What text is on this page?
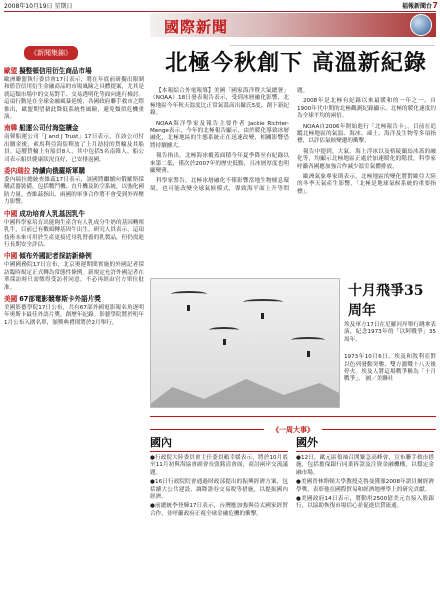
2008年10月19日 星期日	福報新聞台 7
國際新聞
《新聞集錦》
歐盟 擬整頓信用衍生商品市場

歐洲聯盟執行委員會17日表示，將在年底前研擬出限制和監管信用衍生金融商品的市場風險之具體提案，尤其是就這類市場中的交易對手、交易透明化等面向進行檢討。這項行動是在全球金融風暴延燒、各國政府聯手救市之際推出，歐盟期望藉此降低系統性風險，避免類似危機重演。

南韓 船運公司付海盜贖金

南韓船運公司「J and J Trust」17日表示，在該公司付出贖金後，索馬利亞海盜釋放了上月劫持的貨輪及其船員。這艘貨輪上有船員8人，其中包括5名南韓人。船公司表示船員健康狀況良好，已安排返國。

委內瑞拉 持續向俄羅斯軍購

委內瑞拉總統查維茲17日表示，該國將繼續向俄羅斯採購武器裝備，包括戰鬥機、直升機及防空系統，以強化國防力量。查維茲指出，兩國的軍事合作將不會受到外界壓力影響。

中國 成功培育人乳基因乳牛

中國科學家培育出能夠生產含有人乳成分牛奶的基因轉殖乳牛，目前已有數頭轉基因牛出生。研究人員表示，這項技術未來可用於生產更接近母乳營養的乳製品，但仍需進行長期安全評估。

中國 傾布外國記者採訪新條例

中國國務院17日宣布，北京奧運期間實施的外國記者採訪臨時規定正式轉為常態性條例。新規定允許外國記者在華採訪時只需徵得受訪者同意，不必再經由官方單位批准。

美國 67部電影競奪斯卡外語片獎

美國影藝學院17日公布，共有67部外國電影報名角逐明年奧斯卡最佳外語片獎，創歷年紀錄。影藝學院將於明年1月公布入圍名單，頒獎典禮則將於2月舉行。

北極今秋創下 高溫新紀錄

【本報綜合外電報導】美國「國家海洋暨大氣總署」（NOAA）18日發表報告表示，受到冰層融化影響，北極地區今年秋天溫度比正常氣溫高出攝氏5度，創下新紀錄。

NOAA海洋學家及報告主要作者 Jackie Richter-Menge表示，今年的北極報告顯示，由於暖化導致冰層融化，北極地區的生態系統正在迅速改變，相關影響恐將持續擴大。

報告指出，北極海冰覆蓋面積今年夏季降至有紀錄以來第二低，僅次於2007年的歷史低點，且冰層厚度也明顯變薄。

科學家警告，北極冰層融化不僅影響當地生物棲息環境，也可能改變全球氣候模式，導致海平面上升等問題。

2008年是北極有紀錄以來最暖和的一年之一。自1900年代中期的北極觀測紀錄顯示，北極的暖化速度約為全球平均的兩倍。

NOAA自2006年開始進行「北極報告卡」，目前在追蹤北極地區的氣溫、海冰、凍土、海洋及生物等多項指標，以評估氣候變遷的衝擊。

報告中提到，大氣、海上浮冰以及格陵蘭島冰蓋的融化等，均顯示北極地區正處於加速暖化的階段，科學家呼籲各國應加強合作減少溫室氣體排放。

歐洲氣象專家則表示，北極地區的變化將對歐亞大陸的冬季天氣產生影響，「北極是地球氣候系統的重要指標」。

十月飛爭35周年

埃及軍方17日在尼羅河岸舉行跳傘表演，紀念1973年的「以阿戰爭」35周年。

1973年10月6日，埃及和敘利亞對以色列發動突襲，雙方激戰十八天後停火。埃及人將這場戰爭稱為「十月戰爭」。 圖／美聯社

《一周大事》
國內

●行政院大陸委員會主任委員賴幸媛表示，將於10月底至11月初與海協會副會長張銘清會面，商討兩岸交流議題。

●16日行政院院會通過財政部提出的振興經濟方案，包括擴大公共建設、調降證券交易稅等措施，以提振國內經濟。

●前總統李登輝17日表示，台灣應加強與亞太國家經貿合作，並呼籲政府正視全球金融危機的衝擊。

國外

●12日，歐元區領袖召開緊急高峰會，宣布聯手救市措施，包括擔保銀行同業拆款及注資金融機構，以穩定金融市場。

●美國普林斯頓大學教授克魯曼獲頒2008年諾貝爾經濟學獎，表彰他在國際貿易和經濟地理學上的研究貢獻。

●美國政府14日表示，將動用2500億美元直接入股銀行，以協助恢復市場信心並促進信貸流通。
